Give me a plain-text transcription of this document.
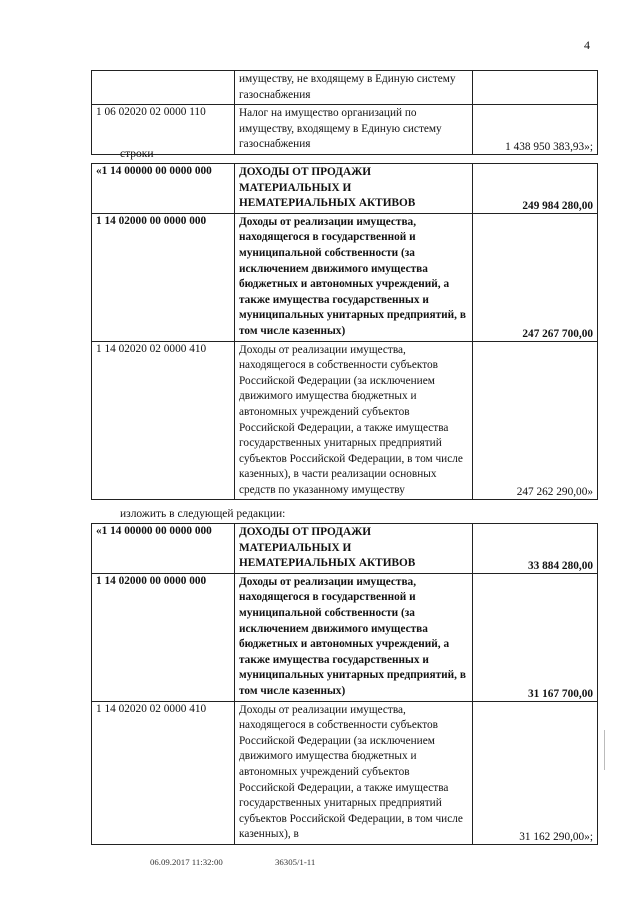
4
	имуществу, не входящему в Единую систему газоснабжения	
1 06 02020 02 0000 110	Налог на имущество организаций по имуществу, входящему в Единую систему газоснабжения	1 438 950 383,93»;
строки
«1 14 00000 00 0000 000	ДОХОДЫ ОТ ПРОДАЖИ МАТЕРИАЛЬНЫХ И НЕМАТЕРИАЛЬНЫХ АКТИВОВ	249 984 280,00
1 14 02000 00 0000 000	Доходы от реализации имущества, находящегося в государственной и муниципальной собственности (за исключением движимого имущества бюджетных и автономных учреждений, а также имущества государственных и муниципальных унитарных предприятий, в том числе казенных)	247 267 700,00
1 14 02020 02 0000 410	Доходы от реализации имущества, находящегося в собственности субъектов Российской Федерации (за исключением движимого имущества бюджетных и автономных учреждений субъектов Российской Федерации, а также имущества государственных унитарных предприятий субъектов Российской Федерации, в том числе казенных), в части реализации основных средств по указанному имуществу	247 262 290,00»
изложить в следующей редакции:
«1 14 00000 00 0000 000	ДОХОДЫ ОТ ПРОДАЖИ МАТЕРИАЛЬНЫХ И НЕМАТЕРИАЛЬНЫХ АКТИВОВ	33 884 280,00
1 14 02000 00 0000 000	Доходы от реализации имущества, находящегося в государственной и муниципальной собственности (за исключением движимого имущества бюджетных и автономных учреждений, а также имущества государственных и муниципальных унитарных предприятий, в том числе казенных)	31 167 700,00
1 14 02020 02 0000 410	Доходы от реализации имущества, находящегося в собственности субъектов Российской Федерации (за исключением движимого имущества бюджетных и автономных учреждений субъектов Российской Федерации, а также имущества государственных унитарных предприятий субъектов Российской Федерации, в том числе казенных), в	31 162 290,00»;
06.09.2017 11:32:00	36305/1-11
